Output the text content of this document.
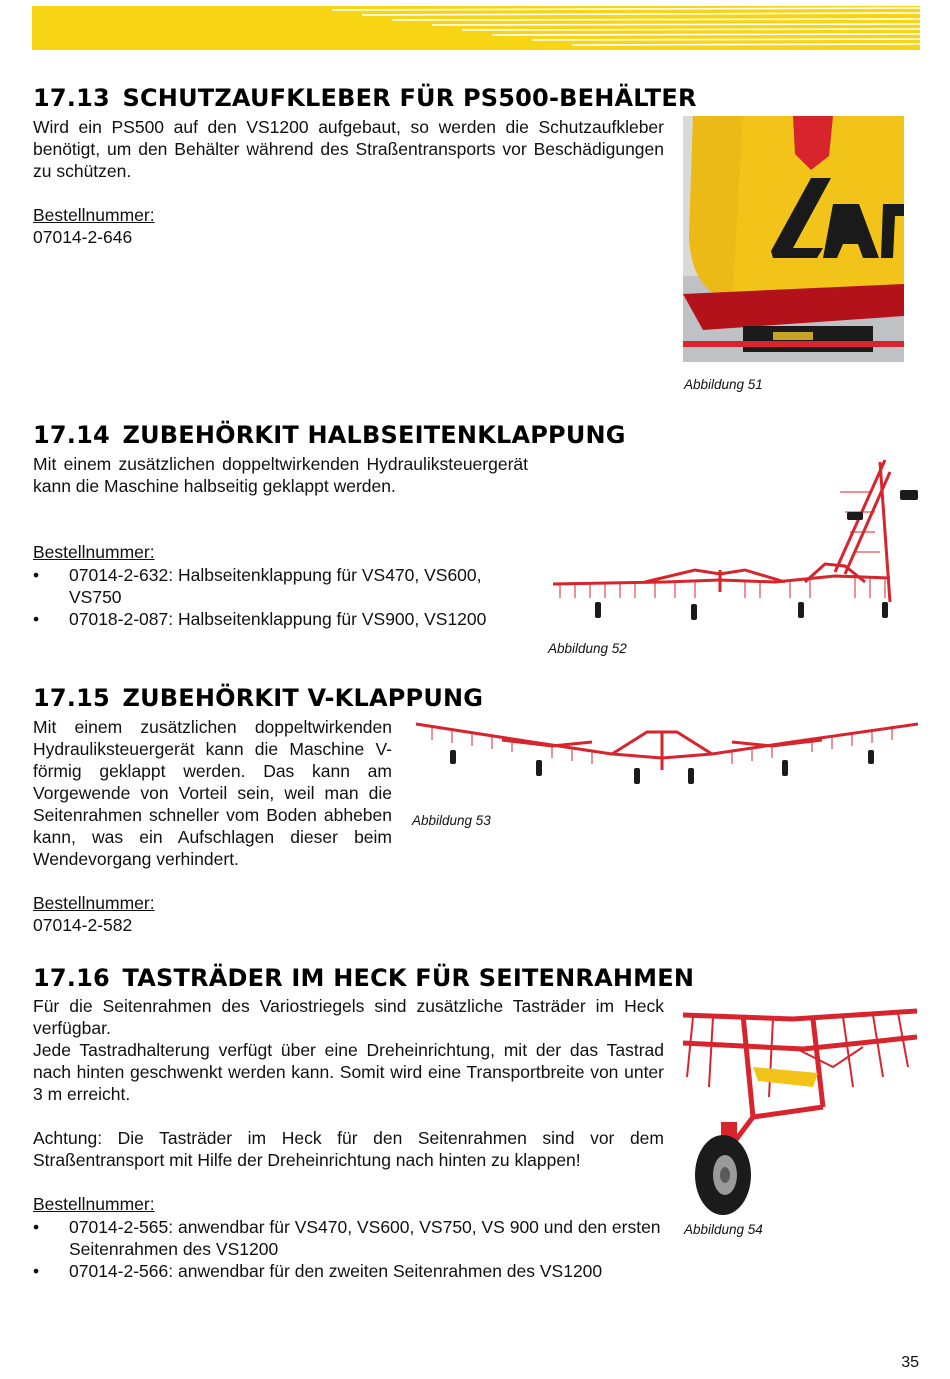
17.13 SCHUTZAUFKLEBER FÜR PS500-BEHÄLTER

Wird ein PS500 auf den VS1200 aufgebaut, so werden die Schutzaufkleber benötigt, um den Behälter während des Straßentransports vor Beschädigungen zu schützen.

Bestellnummer:

07014-2-646

Abbildung 51

17.14 ZUBEHÖRKIT HALBSEITENKLAPPUNG

Mit einem zusätzlichen doppeltwirkenden Hydrauliksteuergerät kann die Maschine halbseitig geklappt werden.

Bestellnummer:

• 07014-2-632: Halbseitenklappung für VS470, VS600, VS750
• 07018-2-087: Halbseitenklappung für VS900, VS1200

Abbildung 52

17.15 ZUBEHÖRKIT V-KLAPPUNG

Mit einem zusätzlichen doppeltwirkenden Hydrauliksteuergerät kann die Maschine V-förmig geklappt werden. Das kann am Vorgewende von Vorteil sein, weil man die Seitenrahmen schneller vom Boden abheben kann, was ein Aufschlagen dieser beim Wendevorgang verhindert.

Bestellnummer:

07014-2-582

Abbildung 53

17.16 TASTRÄDER IM HECK FÜR SEITENRAHMEN

Für die Seitenrahmen des Variostriegels sind zusätzliche Tasträder im Heck verfügbar.

Jede Tastradhalterung verfügt über eine Dreheinrichtung, mit der das Tastrad nach hinten geschwenkt werden kann. Somit wird eine Transportbreite von unter 3 m erreicht.

Achtung: Die Tasträder im Heck für den Seitenrahmen sind vor dem Straßentransport mit Hilfe der Dreheinrichtung nach hinten zu klappen!

Bestellnummer:

• 07014-2-565: anwendbar für VS470, VS600, VS750, VS 900 und den ersten Seitenrahmen des VS1200
• 07014-2-566: anwendbar für den zweiten Seitenrahmen des VS1200

Abbildung 54

35
